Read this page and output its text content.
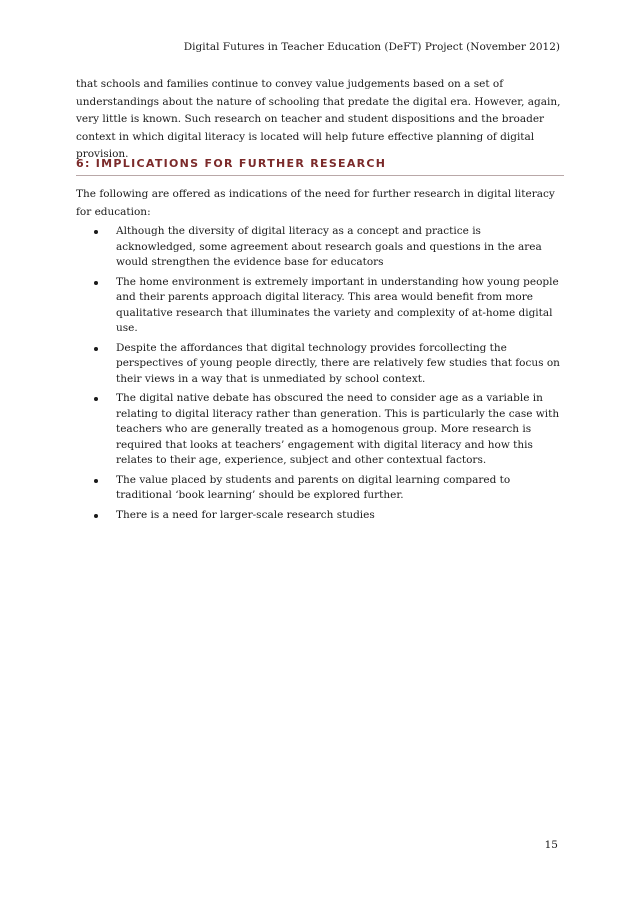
Digital Futures in Teacher Education (DeFT) Project (November 2012)

that schools and families continue to convey value judgements based on a set of understandings about the nature of schooling that predate the digital era. However, again, very little is known. Such research on teacher and student dispositions and the broader context in which digital literacy is located will help future effective planning of digital provision.

6: IMPLICATIONS FOR FURTHER RESEARCH

The following are offered as indications of the need for further research in digital literacy for education:

Although the diversity of digital literacy as a concept and practice is acknowledged, some agreement about research goals and questions in the area would strengthen the evidence base for educators
The home environment is extremely important in understanding how young people and their parents approach digital literacy. This area would benefit from more qualitative research that illuminates the variety and complexity of at-home digital use.
Despite the affordances that digital technology provides forcollecting the perspectives of young people directly, there are relatively few studies that focus on their views in a way that is unmediated by school context.
The digital native debate has obscured the need to consider age as a variable in relating to digital literacy rather than generation. This is particularly the case with teachers who are generally treated as a homogenous group. More research is required that looks at teachers’ engagement with digital literacy and how this relates to their age, experience, subject and other contextual factors.
The value placed by students and parents on digital learning compared to traditional ‘book learning’ should be explored further.
There is a need for larger-scale research studies
15
